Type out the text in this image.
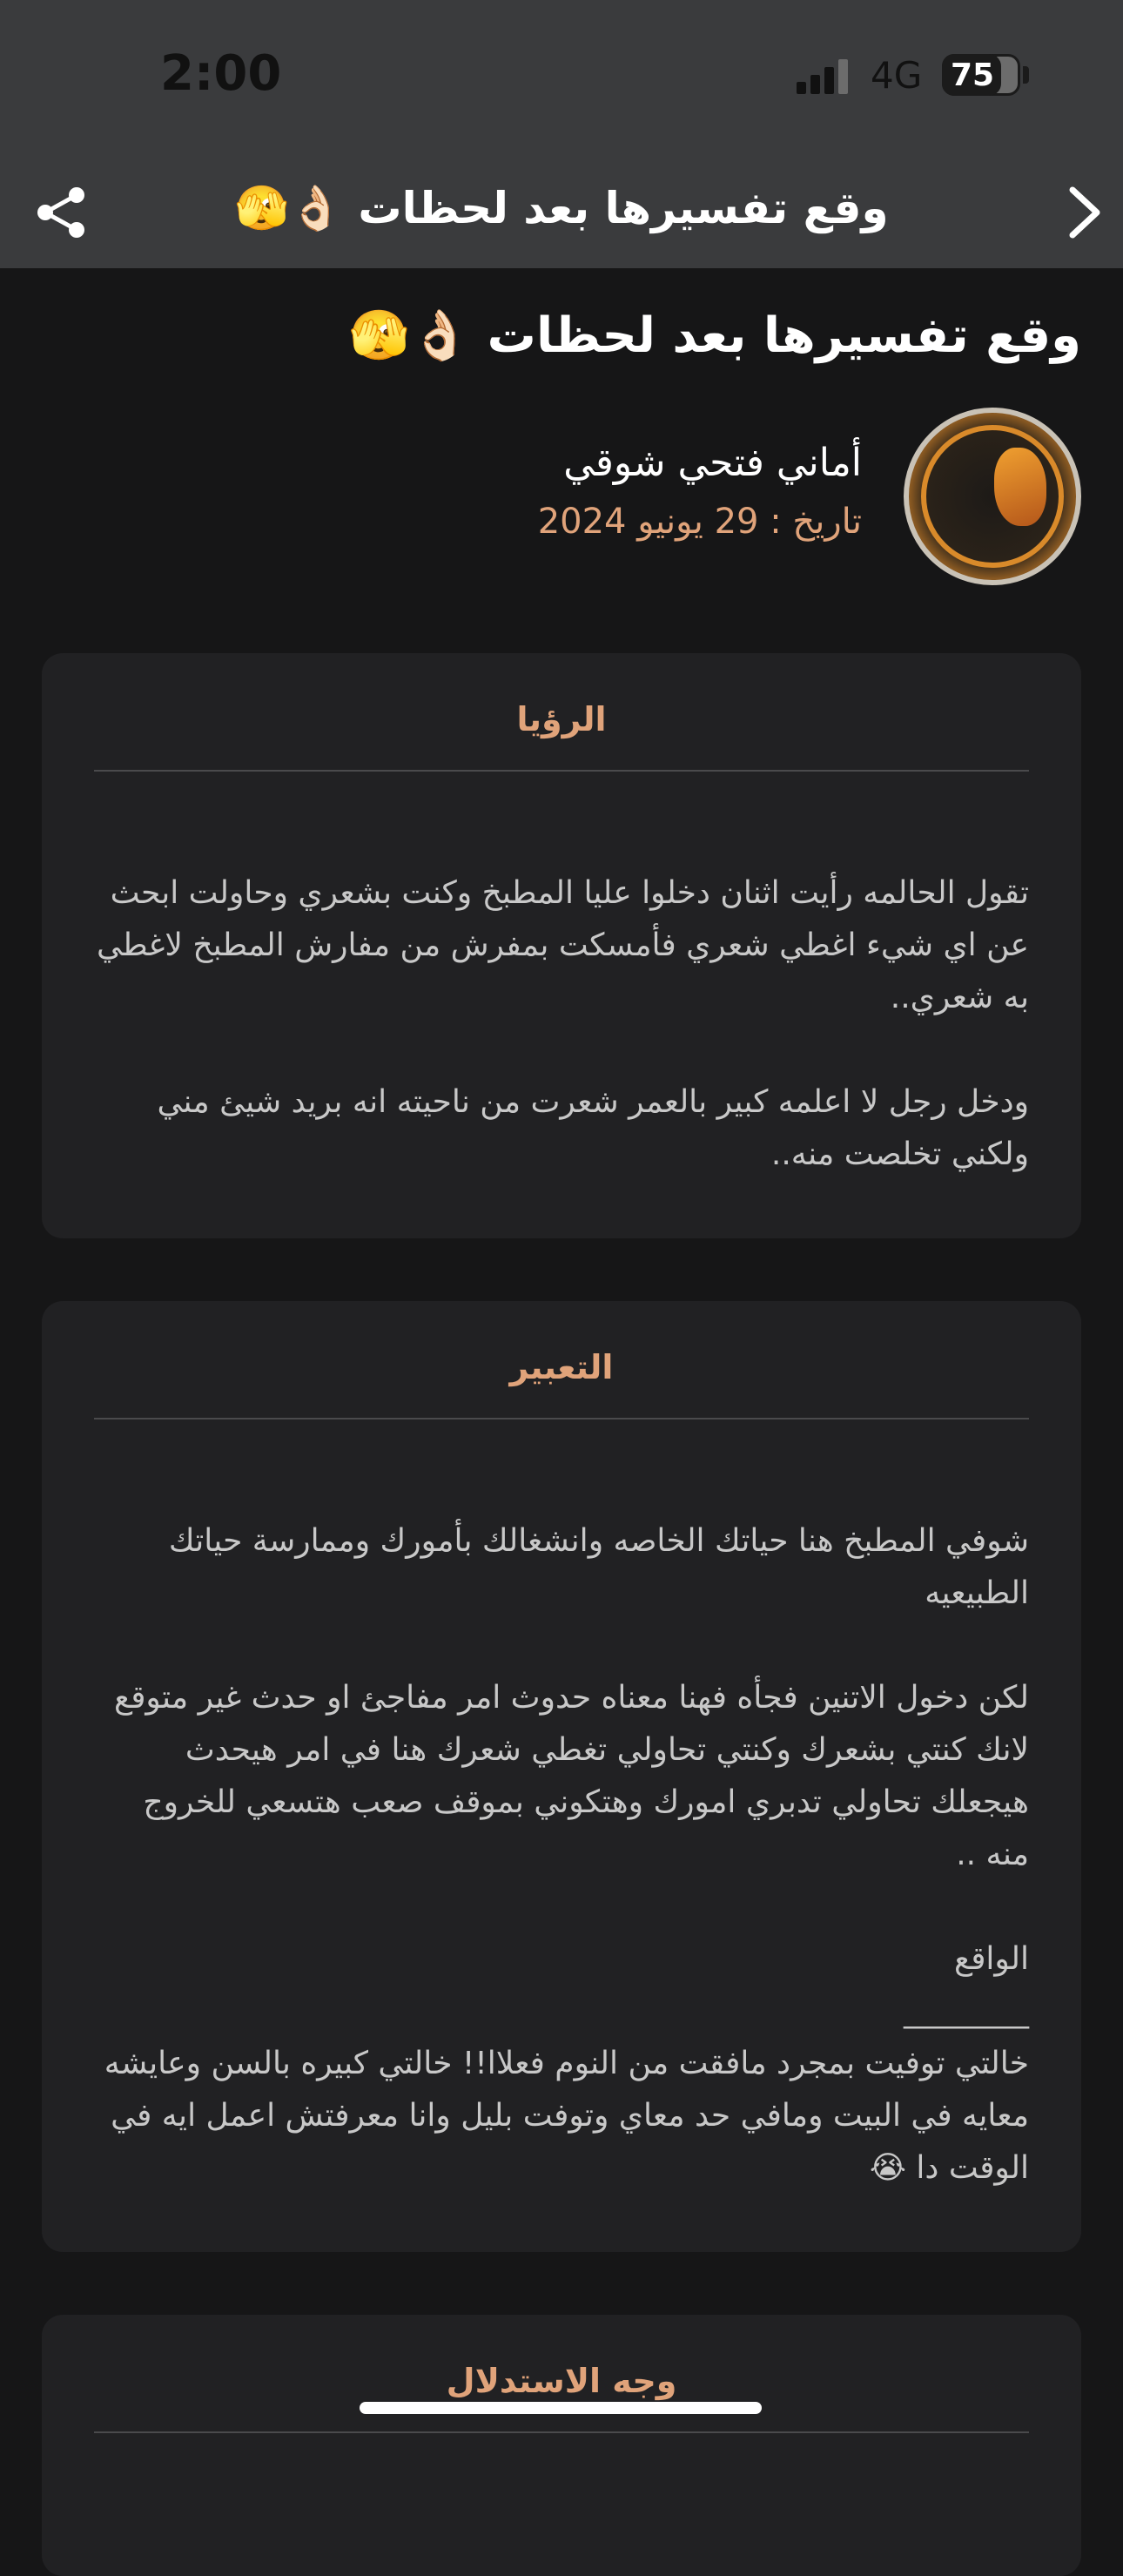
2:00	4G 75
وقع تفسيرها بعد لحظات 👌🏻🫣
وقع تفسيرها بعد لحظات 👌🏻🫣
أماني فتحي شوقي
تاريخ : 29 يونيو 2024
الرؤيا

تقول الحالمه رأيت اثنان دخلوا عليا المطبخ وكنت بشعري وحاولت ابحث عن اي شيء اغطي شعري فأمسكت بمفرش من مفارش المطبخ لاغطي به شعري..

ودخل رجل لا اعلمه كبير بالعمر شعرت من ناحيته انه بريد شيئ مني ولكني تخلصت منه..

التعبير

شوفي المطبخ هنا حياتك الخاصه وانشغالك بأمورك وممارسة حياتك الطبيعيه

لكن دخول الاتنين فجأه فهنا معناه حدوث امر مفاجئ او حدث غير متوقع لانك كنتي بشعرك وكنتي تحاولي تغطي شعرك هنا في امر هيحدث هيجعلك تحاولي تدبري امورك وهتكوني بموقف صعب هتسعي للخروج منه ..

الواقع

________

خالتي توفيت بمجرد مافقت من النوم فعلاا!! خالتي كبيره بالسن وعايشه معايه في البيت ومافي حد معاي وتوفت بليل وانا معرفتش اعمل ايه في الوقت دا 😭

وجه الاستدلال
